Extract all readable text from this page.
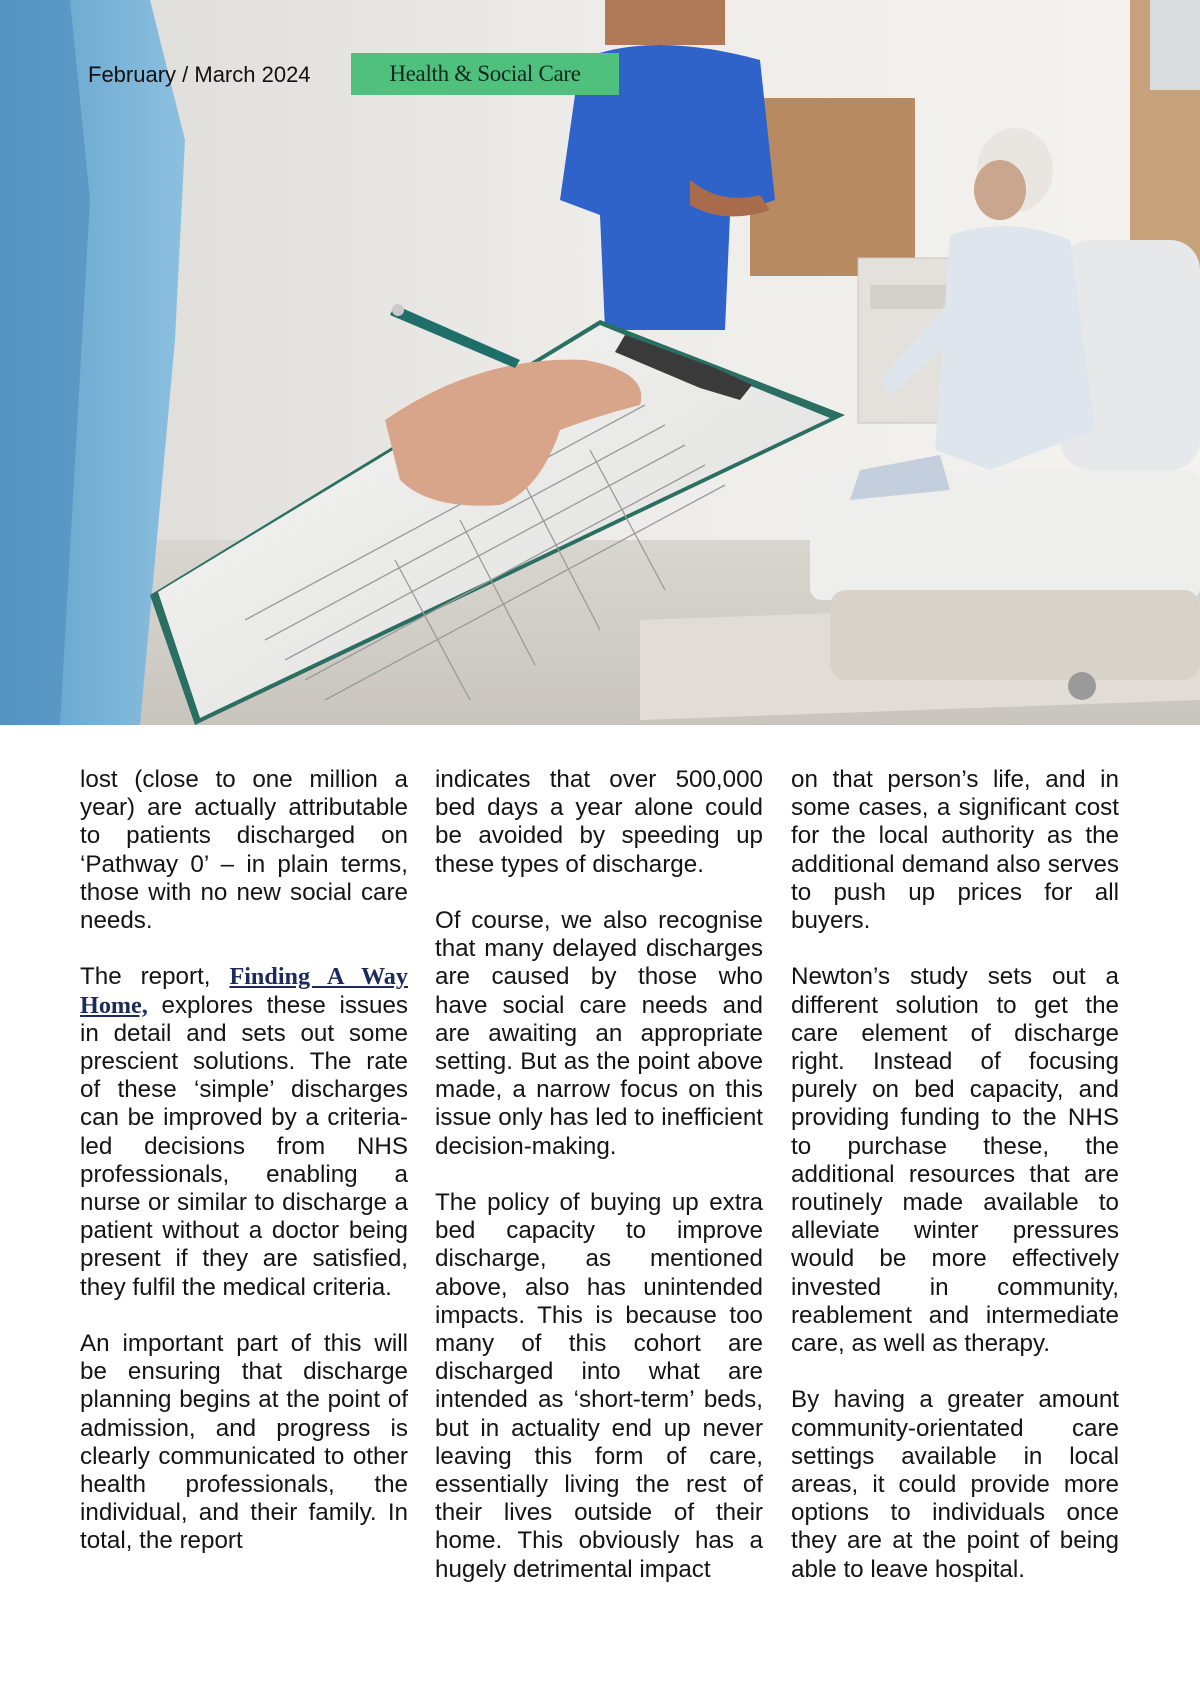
February / March 2024	Health & Social Care

lost (close to one million a year) are actually attributable to patients discharged on ‘Pathway 0’ – in plain terms, those with no new social care needs.

The report, Finding A Way Home, explores these issues in detail and sets out some prescient solutions. The rate of these ‘simple’ discharges can be improved by a criteria-led decisions from NHS professionals, enabling a nurse or similar to discharge a patient without a doctor being present if they are satisfied, they fulfil the medical criteria.

An important part of this will be ensuring that discharge planning begins at the point of admission, and progress is clearly communicated to other health professionals, the individual, and their family. In total, the report

indicates that over 500,000 bed days a year alone could be avoided by speeding up these types of discharge.

Of course, we also recognise that many delayed discharges are caused by those who have social care needs and are awaiting an appropriate setting. But as the point above made, a narrow focus on this issue only has led to inefficient decision-making.

The policy of buying up extra bed capacity to improve discharge, as mentioned above, also has unintended impacts. This is because too many of this cohort are discharged into what are intended as ‘short-term’ beds, but in actuality end up never leaving this form of care, essentially living the rest of their lives outside of their home. This obviously has a hugely detrimental impact

on that person’s life, and in some cases, a significant cost for the local authority as the additional demand also serves to push up prices for all buyers.

Newton’s study sets out a different solution to get the care element of discharge right. Instead of focusing purely on bed capacity, and providing funding to the NHS to purchase these, the additional resources that are routinely made available to alleviate winter pressures would be more effectively invested in community, reablement and intermediate care, as well as therapy.

By having a greater amount community-orientated care settings available in local areas, it could provide more options to individuals once they are at the point of being able to leave hospital.
